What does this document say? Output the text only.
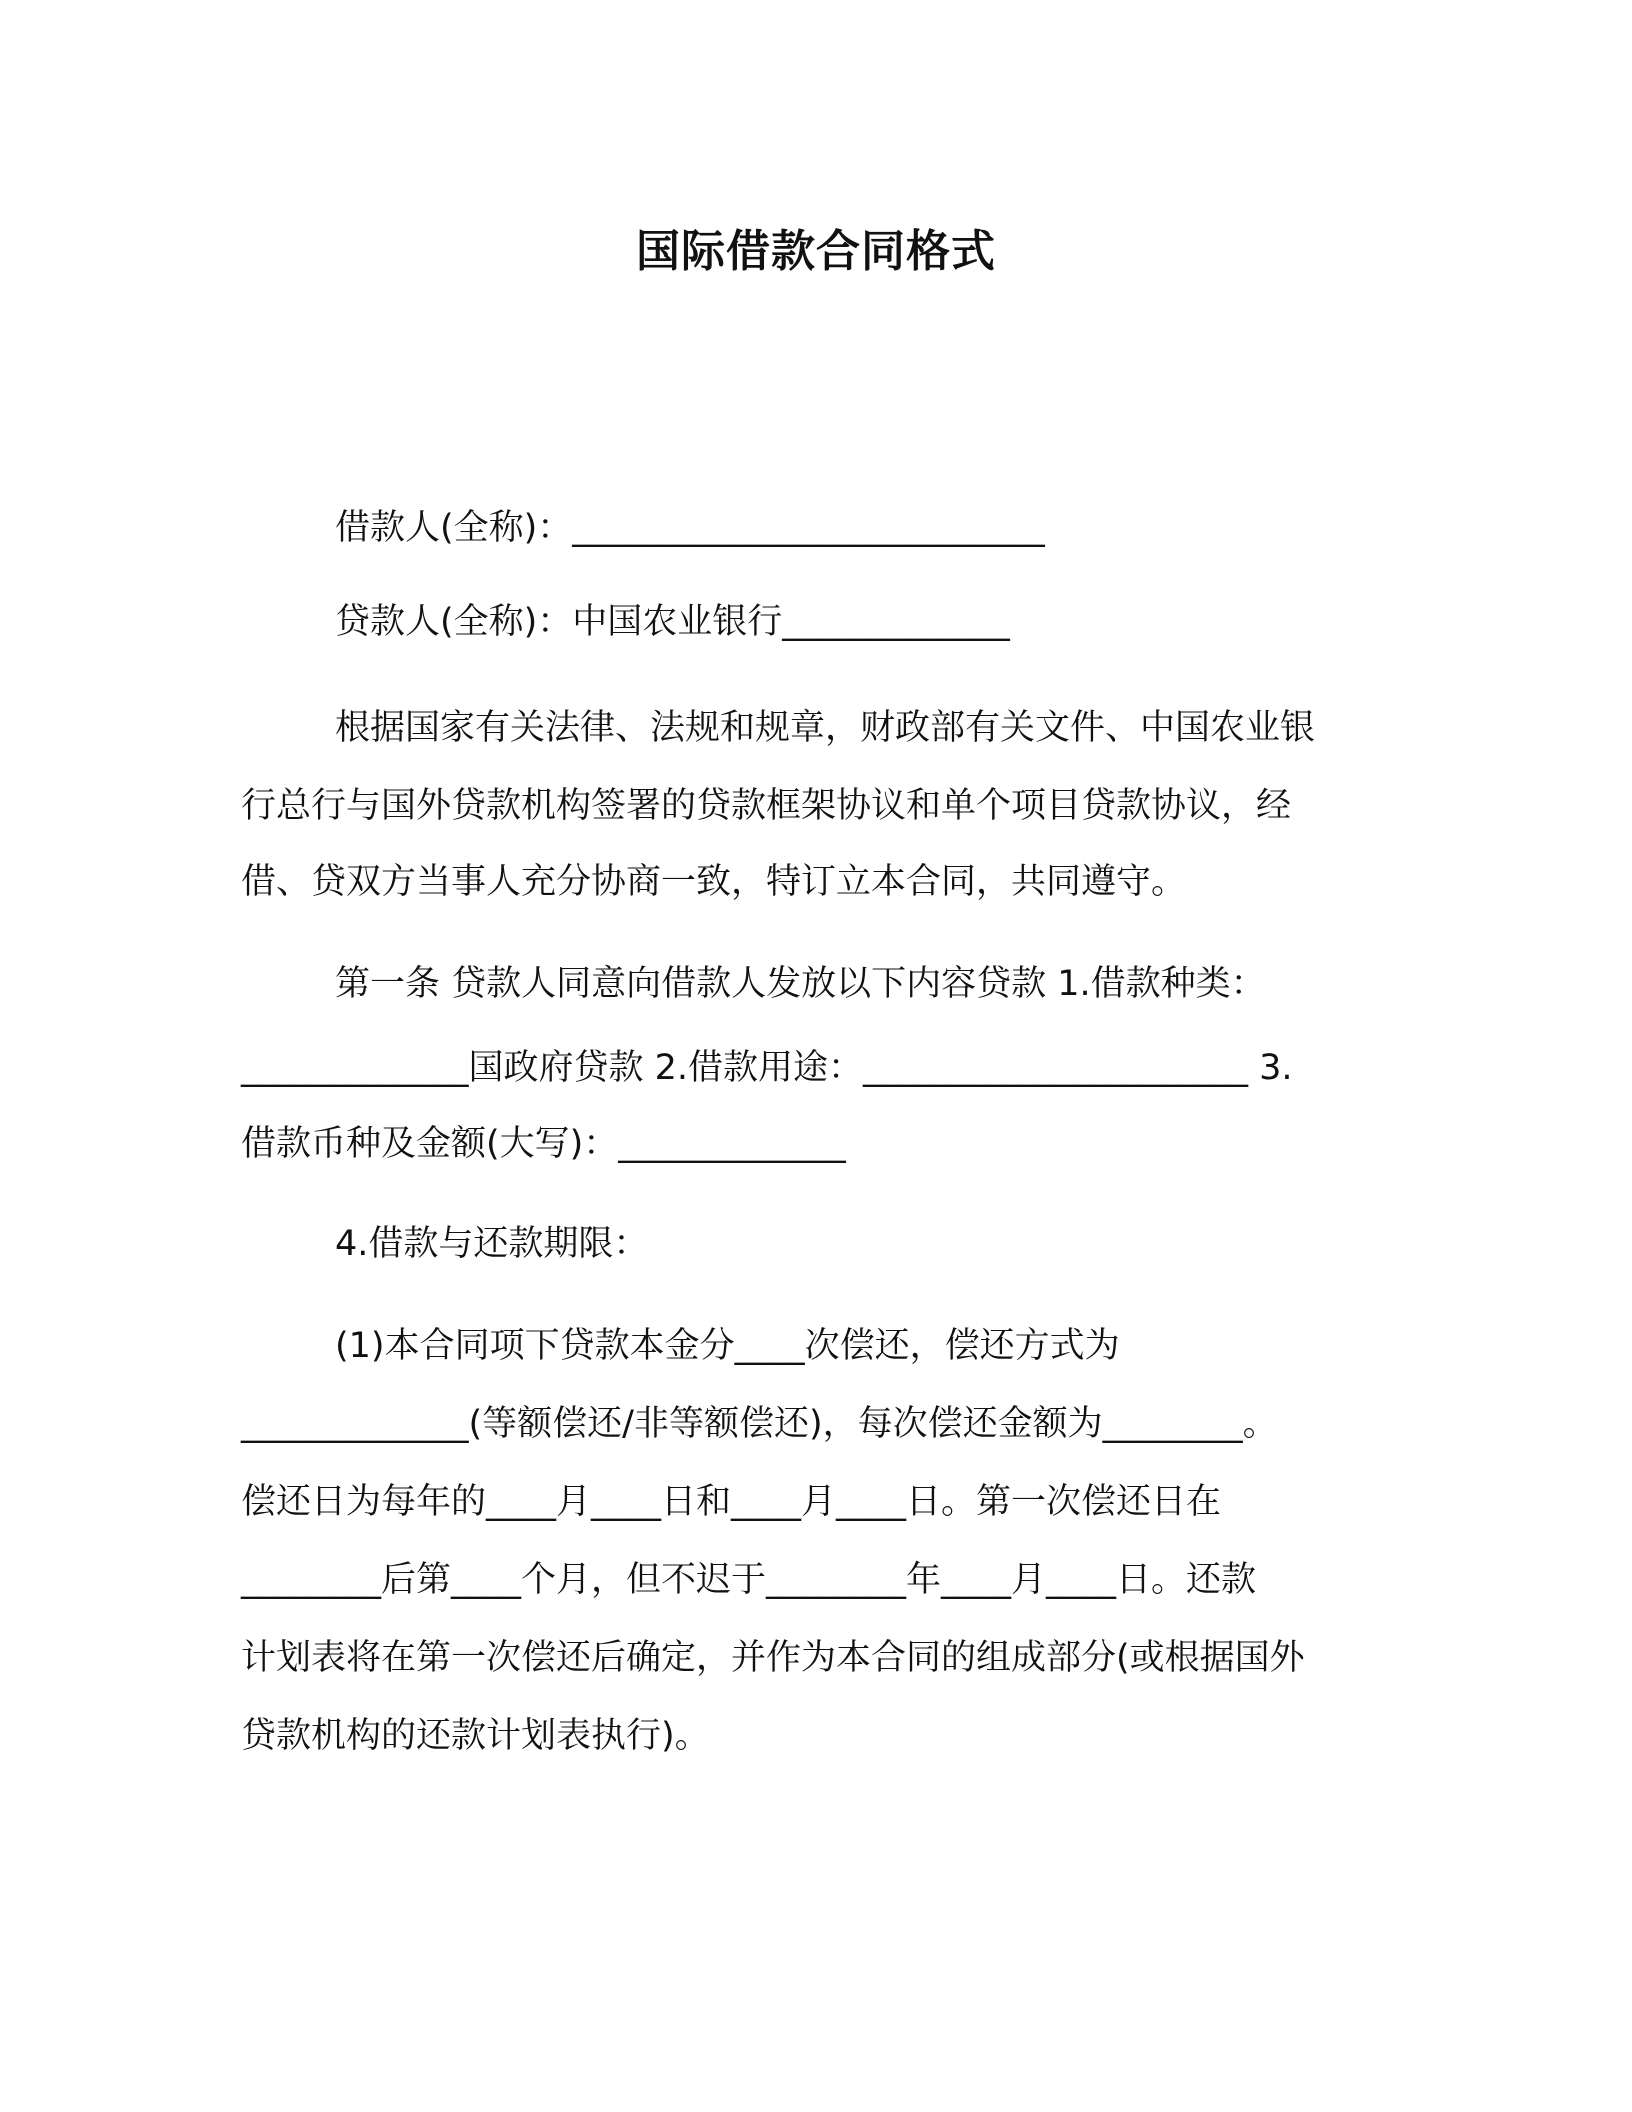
国际借款合同格式
借款人(全称)：___________________________
贷款人(全称)：中国农业银行_____________
根据国家有关法律、法规和规章，财政部有关文件、中国农业银
行总行与国外贷款机构签署的贷款框架协议和单个项目贷款协议，经
借、贷双方当事人充分协商一致，特订立本合同，共同遵守。
第一条 贷款人同意向借款人发放以下内容贷款 1.借款种类：
_____________国政府贷款 2.借款用途：______________________ 3.
借款币种及金额(大写)：_____________
4.借款与还款期限：
(1)本合同项下贷款本金分____次偿还，偿还方式为
_____________(等额偿还/非等额偿还)，每次偿还金额为________。
偿还日为每年的____月____日和____月____日。第一次偿还日在
________后第____个月，但不迟于________年____月____日。还款
计划表将在第一次偿还后确定，并作为本合同的组成部分(或根据国外
贷款机构的还款计划表执行)。
